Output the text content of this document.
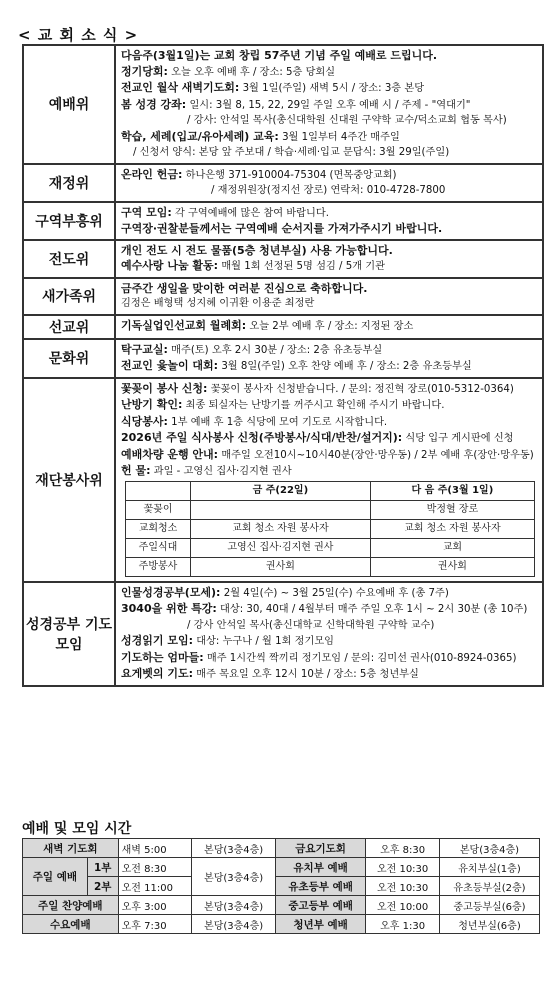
< 교 회 소 식 >
예배위	
다음주(3월1일)는 교회 창립 57주년 기념 주일 예배로 드립니다.
정기당회: 오늘 오후 예배 후 / 장소: 5층 당회실
전교인 월삭 새벽기도회: 3월 1일(주일) 새벽 5시 / 장소: 3층 본당
봄 성경 강좌: 일시: 3월 8, 15, 22, 29일 주일 오후 예배 시 / 주제 - "역대기"
/ 강사: 안석일 목사(총신대학원 신대원 구약학 교수/덕소교회 협동 목사)
학습, 세례(입교/유아세례) 교육: 3월 1일부터 4주간 매주일
/ 신청서 양식: 본당 앞 주보대 / 학습·세례·입교 문답식: 3월 29일(주일)

재정위	
온라인 헌금: 하나은행 371-910004-75304 (면목중앙교회)
/ 재정위원장(정지선 장로) 연락처: 010-4728-7800

구역부흥위	
구역 모임: 각 구역예배에 많은 참여 바랍니다.
구역장·권찰분들께서는 구역예배 순서지를 가져가주시기 바랍니다.

전도위	
개인 전도 시 전도 물품(5층 청년부실) 사용 가능합니다.
예수사랑 나눔 활동: 매월 1회 선정된 5명 섬김 / 5개 기관

새가족위	
금주간 생일을 맞이한 여러분 진심으로 축하합니다.
김정은 배형택 성지혜 이귀환 이용준 최정란

선교위	기독실업인선교회 월례회: 오늘 2부 예배 후 / 장소: 지정된 장소

문화위	
탁구교실: 매주(토) 오후 2시 30분 / 장소: 2층 유초등부실
전교인 윷놀이 대회: 3월 8일(주일) 오후 찬양 예배 후 / 장소: 2층 유초등부실

재단봉사위	
꽃꽂이 봉사 신청: 꽃꽂이 봉사자 신청받습니다. / 문의: 정진혁 장로(010-5312-0364)
난방기 확인: 최종 퇴실자는 난방기를 꺼주시고 확인해 주시기 바랍니다.
식당봉사: 1부 예배 후 1층 식당에 모여 기도로 시작합니다.
2026년 주일 식사봉사 신청(주방봉사/식대/반찬/설거지): 식당 입구 게시판에 신청
예배차량 운행 안내: 매주일 오전10시~10시40분(장안·망우동) / 2부 예배 후(장안·망우동)
헌 물: 과일 - 고영신 집사·김지현 권사
	금 주(22일)	다 음 주(3월 1일)
꽃꽂이		박정혈 장로
교회청소	교회 청소 자원 봉사자	교회 청소 자원 봉사자
주일식대	고영신 집사·김지현 권사	교회
주방봉사	권사회	권사회

성경공부 기도모임	
인물성경공부(모세): 2월 4일(수) ~ 3월 25일(수) 수요예배 후 (총 7주)
3040을 위한 특강: 대상: 30, 40대 / 4월부터 매주 주일 오후 1시 ~ 2시 30분 (총 10주)
/ 강사 안석일 목사(총신대학교 신학대학원 구약학 교수)
성경읽기 모임: 대상: 누구나 / 월 1회 정기모임
기도하는 엄마들: 매주 1시간씩 짝끼리 정기모임 / 문의: 김미선 권사(010-8924-0365)
요게벳의 기도: 매주 목요일 오후 12시 10분 / 장소: 5층 청년부실
예배 및 모임 시간
새벽 기도회		새벽 5:00	본당(3층4층)	금요기도회	오후 8:30	본당(3층4층)
주일 예배	1부	오전 8:30	본당(3층4층)	유치부 예배	오전 10:30	유치부실(1층)
	2부	오전 11:00		유초등부 예배	오전 10:30	유초등부실(2층)
주일 찬양예배		오후 3:00	본당(3층4층)	중고등부 예배	오전 10:00	중고등부실(6층)
수요예배		오후 7:30	본당(3층4층)	청년부 예배	오후 1:30	청년부실(6층)
